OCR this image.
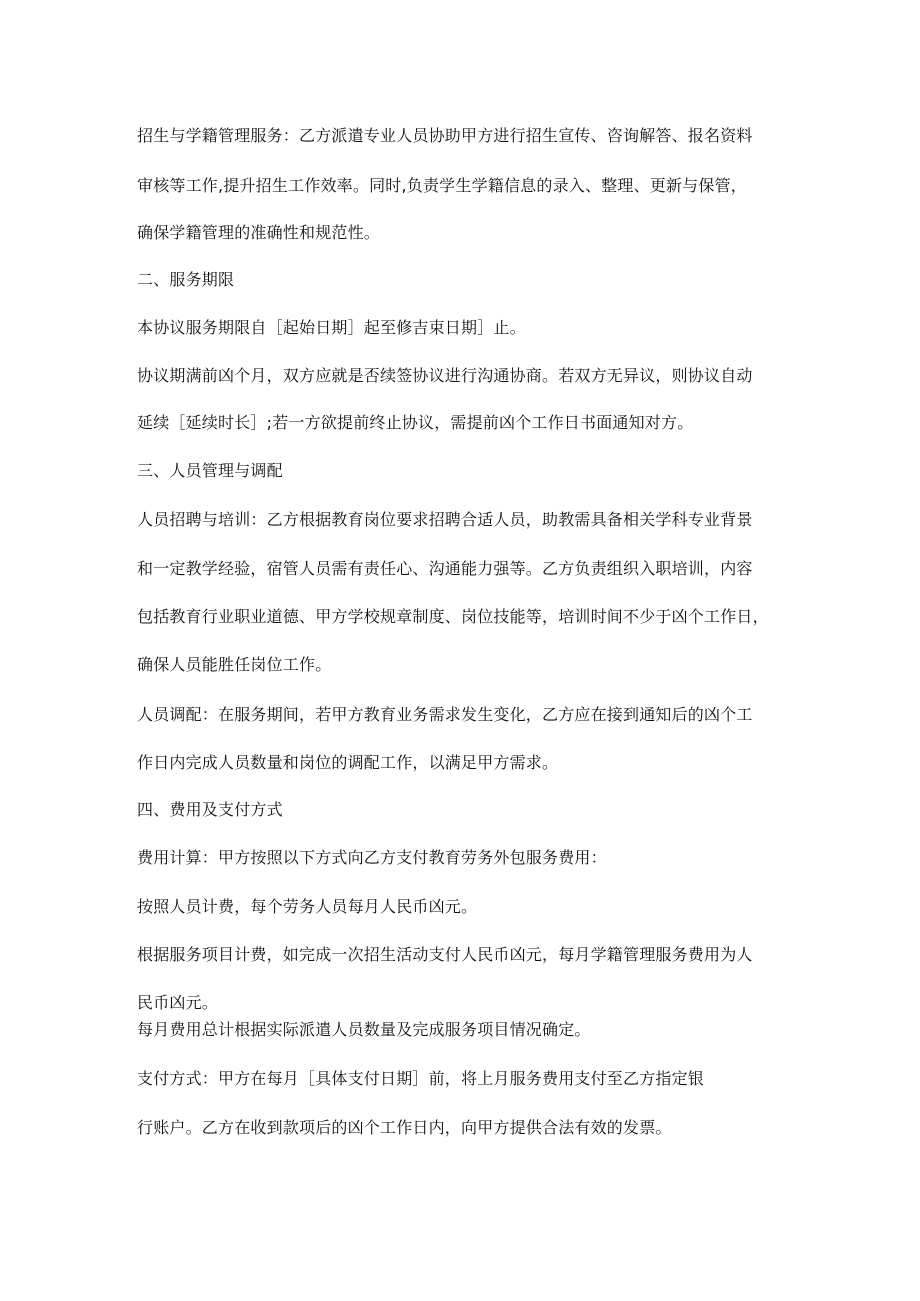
招生与学籍管理服务：乙方派遣专业人员协助甲方进行招生宣传、咨询解答、报名资料
审核等工作,提升招生工作效率。同时,负责学生学籍信息的录入、整理、更新与保管，
确保学籍管理的准确性和规范性。
二、服务期限
本协议服务期限自［起始日期］起至修吉束日期］止。
协议期满前凶个月，双方应就是否续签协议进行沟通协商。若双方无异议，则协议自动
延续［延续时长］;若一方欲提前终止协议，需提前凶个工作日书面通知对方。
三、人员管理与调配
人员招聘与培训：乙方根据教育岗位要求招聘合适人员，助教需具备相关学科专业背景
和一定教学经验，宿管人员需有责任心、沟通能力强等。乙方负责组织入职培训，内容
包括教育行业职业道德、甲方学校规章制度、岗位技能等，培训时间不少于凶个工作日，
确保人员能胜任岗位工作。
人员调配：在服务期间，若甲方教育业务需求发生变化，乙方应在接到通知后的凶个工
作日内完成人员数量和岗位的调配工作，以满足甲方需求。
四、费用及支付方式
费用计算：甲方按照以下方式向乙方支付教育劳务外包服务费用：
按照人员计费，每个劳务人员每月人民币凶元。
根据服务项目计费，如完成一次招生活动支付人民币凶元，每月学籍管理服务费用为人
民币凶元。
每月费用总计根据实际派遣人员数量及完成服务项目情况确定。
支付方式：甲方在每月［具体支付日期］前，将上月服务费用支付至乙方指定银
行账户。乙方在收到款项后的凶个工作日内，向甲方提供合法有效的发票。
